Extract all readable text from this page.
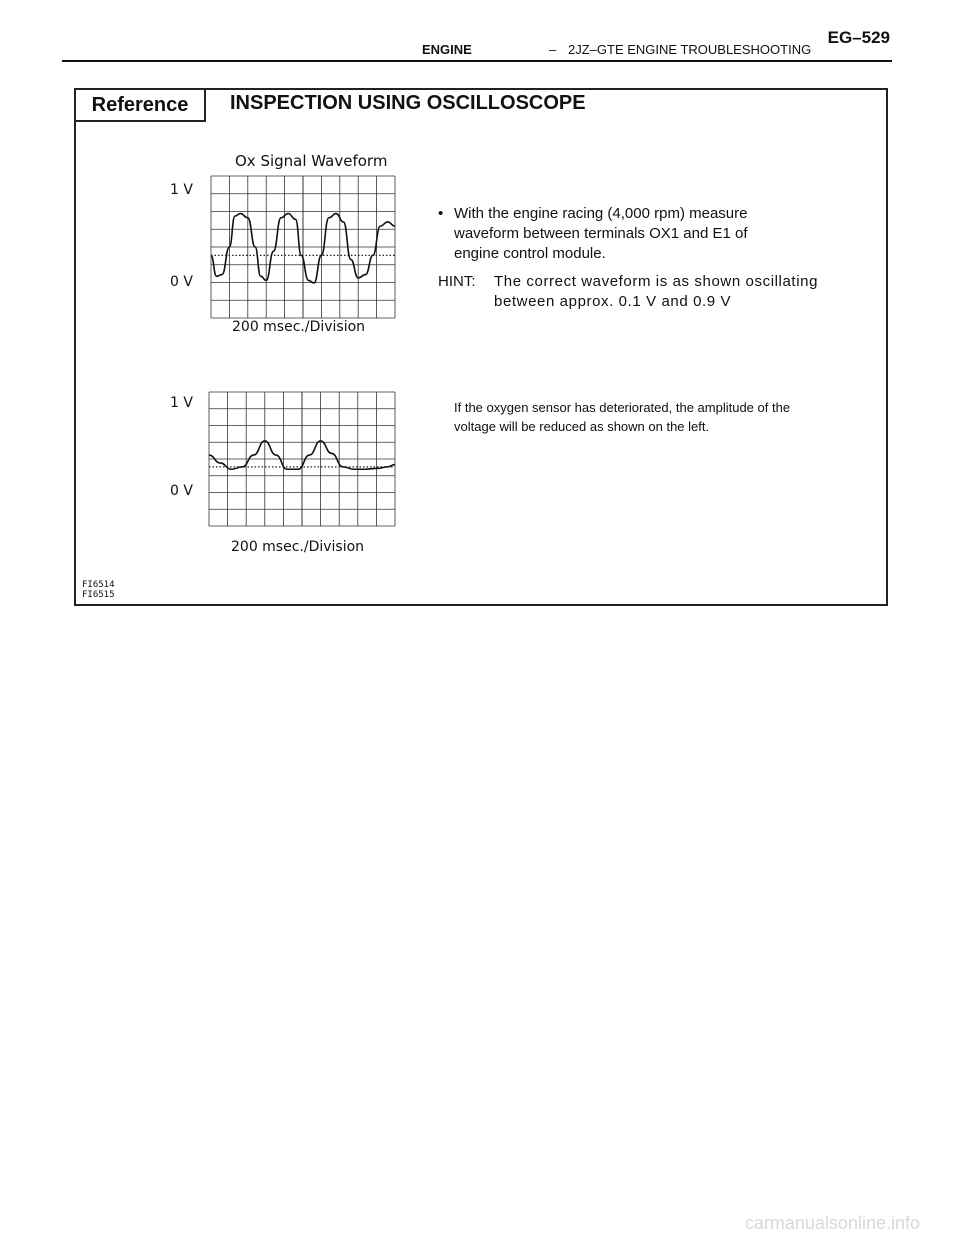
ENGINE	– 2JZ–GTE ENGINE TROUBLESHOOTING
EG–529
Reference	INSPECTION USING OSCILLOSCOPE
Ox Signal Waveform
1 V
0 V
200 msec./Division
1 V
0 V
200 msec./Division
FI6514
FI6515
• With the engine racing (4,000 rpm) measure
waveform between terminals OX1 and E1 of
engine control module.
HINT:	The correct waveform is as shown oscillating
between approx. 0.1 V and 0.9 V
If the oxygen sensor has deteriorated, the amplitude of the
voltage will be reduced as shown on the left.
carmanualsonline.info
